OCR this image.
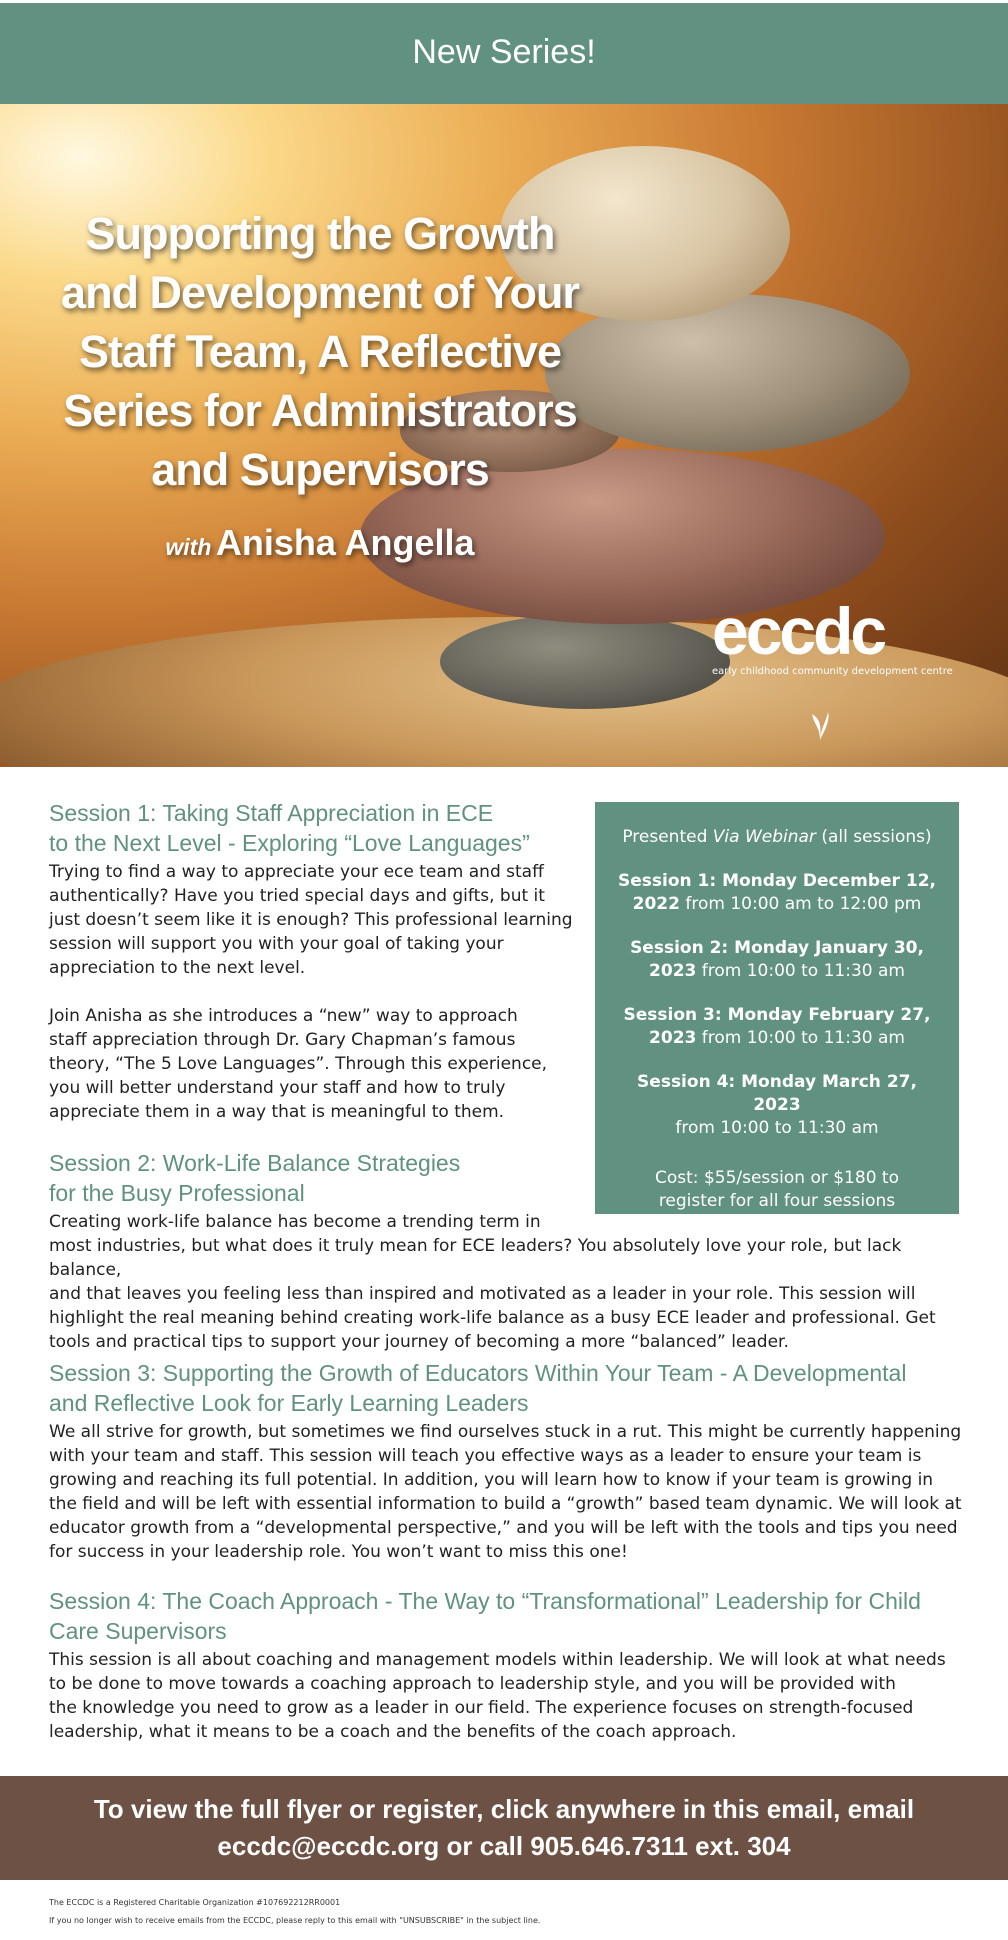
New Series!
Supporting the Growth
and Development of Your
Staff Team, A Reflective
Series for Administrators
and Supervisors
with Anisha Angella
eccdc
early childhood community development centre

Presented Via Webinar (all sessions)

Session 1: Monday December 12, 2022 from 10:00 am to 12:00 pm

Session 2: Monday January 30, 2023 from 10:00 to 11:30 am

Session 3: Monday February 27, 2023 from 10:00 to 11:30 am

Session 4: Monday March 27, 2023
from 10:00 to 11:30 am

Cost: $55/session or $180 to register for all four sessions

Session 1: Taking Staff Appreciation in ECE
to the Next Level - Exploring “Love Languages”

Trying to find a way to appreciate your ece team and staff

authentically? Have you tried special days and gifts, but it

just doesn’t seem like it is enough? This professional learning

session will support you with your goal of taking your

appreciation to the next level.

Join Anisha as she introduces a “new” way to approach

staff appreciation through Dr. Gary Chapman’s famous

theory, “The 5 Love Languages”. Through this experience,

you will better understand your staff and how to truly

appreciate them in a way that is meaningful to them.

Session 2: Work-Life Balance Strategies
for the Busy Professional

Creating work-life balance has become a trending term in

most industries, but what does it truly mean for ECE leaders? You absolutely love your role, but lack balance,

and that leaves you feeling less than inspired and motivated as a leader in your role. This session will

highlight the real meaning behind creating work-life balance as a busy ECE leader and professional. Get

tools and practical tips to support your journey of becoming a more “balanced” leader.

Session 3: Supporting the Growth of Educators Within Your Team - A Developmental
and Reflective Look for Early Learning Leaders

We all strive for growth, but sometimes we find ourselves stuck in a rut. This might be currently happening

with your team and staff. This session will teach you effective ways as a leader to ensure your team is

growing and reaching its full potential. In addition, you will learn how to know if your team is growing in

the field and will be left with essential information to build a “growth” based team dynamic. We will look at

educator growth from a “developmental perspective,” and you will be left with the tools and tips you need

for success in your leadership role. You won’t want to miss this one!

Session 4: The Coach Approach - The Way to “Transformational” Leadership for Child
Care Supervisors

This session is all about coaching and management models within leadership. We will look at what needs

to be done to move towards a coaching approach to leadership style, and you will be provided with

the knowledge you need to grow as a leader in our field. The experience focuses on strength-focused

leadership, what it means to be a coach and the benefits of the coach approach.

To view the full flyer or register, click anywhere in this email, email
eccdc@eccdc.org or call 905.646.7311 ext. 304
The ECCDC is a Registered Charitable Organization #107692212RR0001
If you no longer wish to receive emails from the ECCDC, please reply to this email with "UNSUBSCRIBE" in the subject line.
